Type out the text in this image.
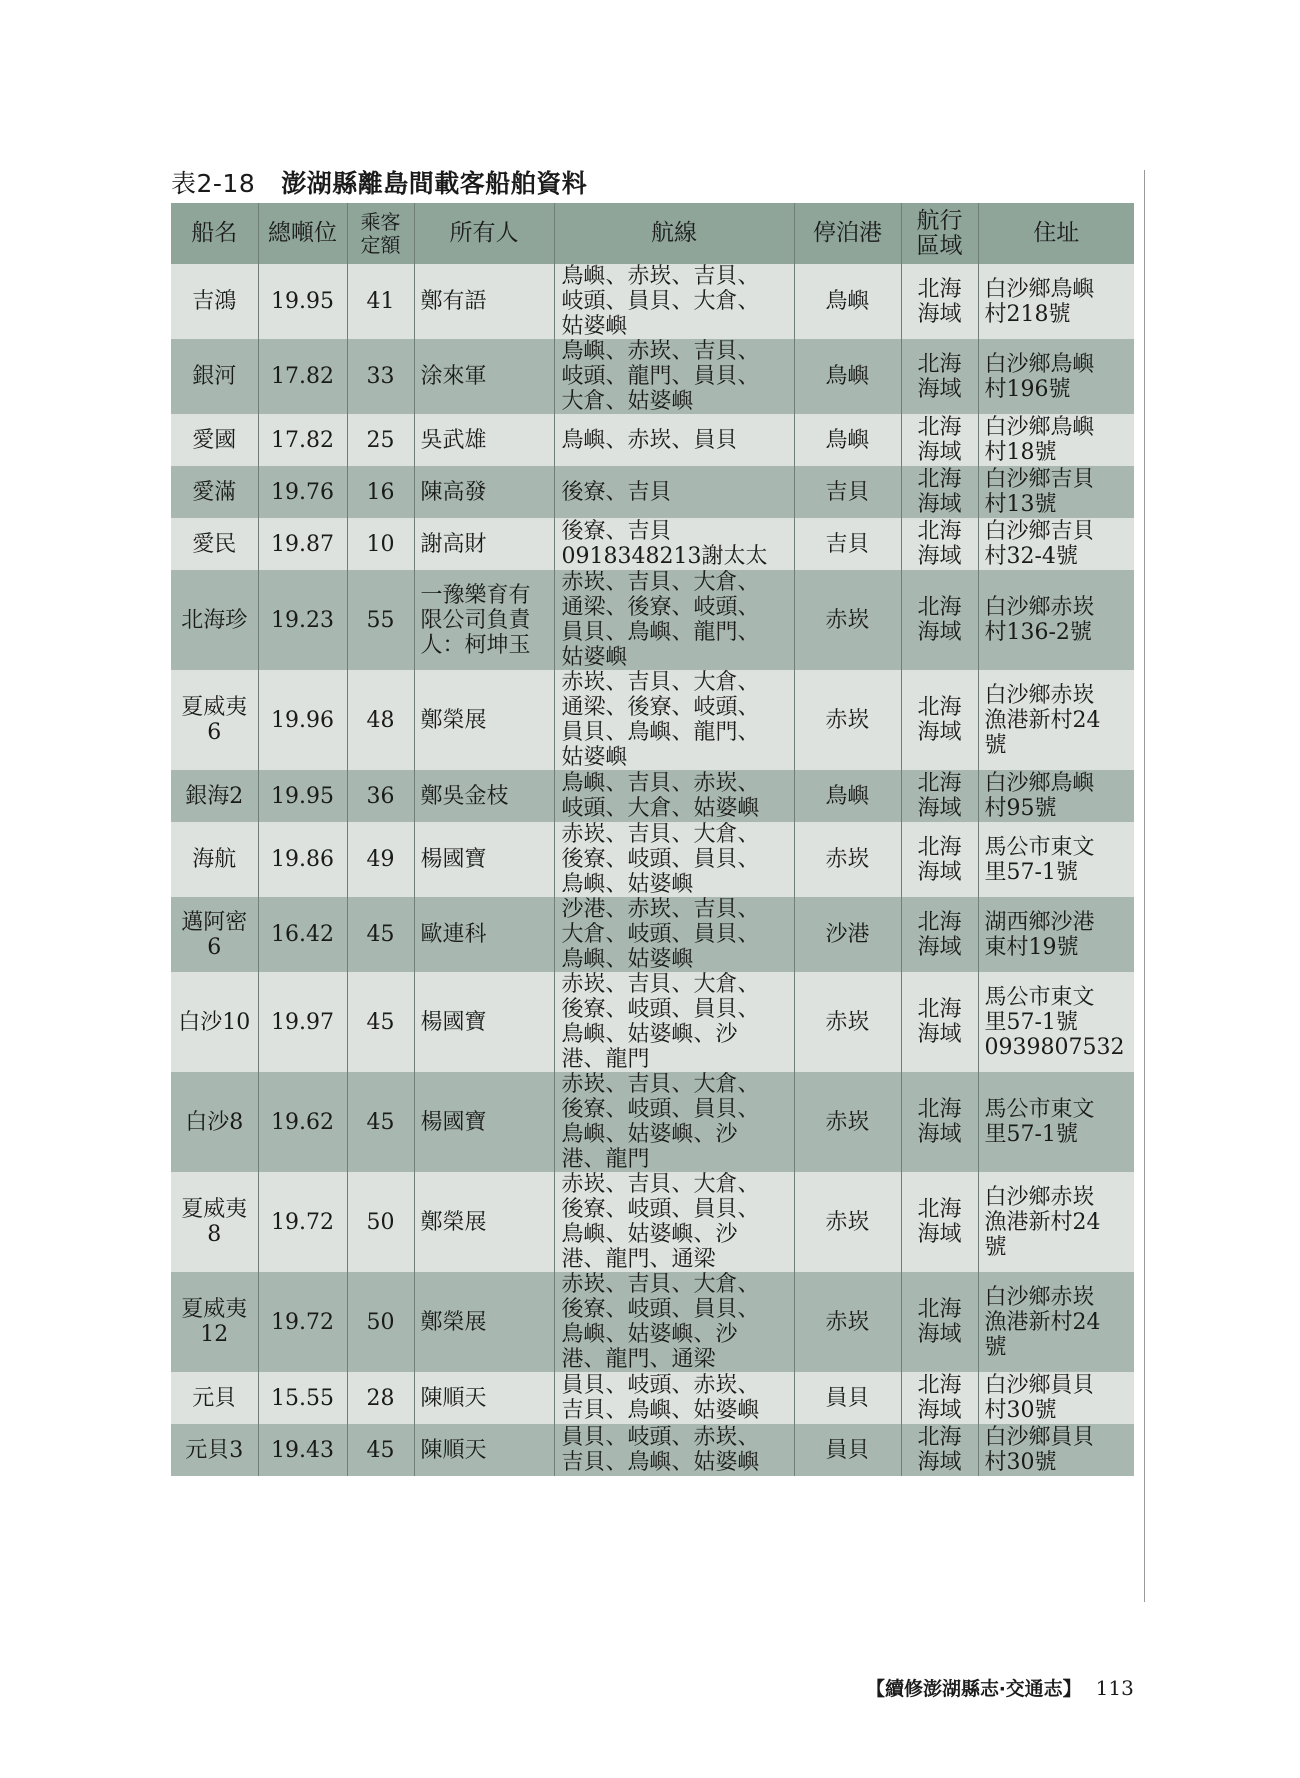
表2-18 澎湖縣離島間載客船舶資料
船名	總噸位	乘客
定額	所有人	航線	停泊港	航行
區域	住址

吉鴻	19.95	41	鄭有語	鳥嶼、赤崁、吉貝、
岐頭、員貝、大倉、
姑婆嶼	鳥嶼	北海
海域	白沙鄉鳥嶼
村218號

銀河	17.82	33	涂來軍	鳥嶼、赤崁、吉貝、
岐頭、龍門、員貝、
大倉、姑婆嶼	鳥嶼	北海
海域	白沙鄉鳥嶼
村196號

愛國	17.82	25	吳武雄	鳥嶼、赤崁、員貝	鳥嶼	北海
海域	白沙鄉鳥嶼
村18號

愛滿	19.76	16	陳高發	後寮、吉貝	吉貝	北海
海域	白沙鄉吉貝
村13號

愛民	19.87	10	謝高財	後寮、吉貝
0918348213謝太太	吉貝	北海
海域	白沙鄉吉貝
村32-4號

北海珍	19.23	55	一豫樂育有
限公司負責
人：柯坤玉	赤崁、吉貝、大倉、
通梁、後寮、岐頭、
員貝、鳥嶼、龍門、
姑婆嶼	赤崁	北海
海域	白沙鄉赤崁
村136-2號

夏威夷
6	19.96	48	鄭榮展	赤崁、吉貝、大倉、
通梁、後寮、岐頭、
員貝、鳥嶼、龍門、
姑婆嶼	赤崁	北海
海域	白沙鄉赤崁
漁港新村24
號

銀海2	19.95	36	鄭吳金枝	鳥嶼、吉貝、赤崁、
岐頭、大倉、姑婆嶼	鳥嶼	北海
海域	白沙鄉鳥嶼
村95號

海航	19.86	49	楊國寶	赤崁、吉貝、大倉、
後寮、岐頭、員貝、
鳥嶼、姑婆嶼	赤崁	北海
海域	馬公市東文
里57-1號

邁阿密
6	16.42	45	歐連科	沙港、赤崁、吉貝、
大倉、岐頭、員貝、
鳥嶼、姑婆嶼	沙港	北海
海域	湖西鄉沙港
東村19號

白沙10	19.97	45	楊國寶	赤崁、吉貝、大倉、
後寮、岐頭、員貝、
鳥嶼、姑婆嶼、沙
港、龍門	赤崁	北海
海域	馬公市東文
里57-1號
0939807532

白沙8	19.62	45	楊國寶	赤崁、吉貝、大倉、
後寮、岐頭、員貝、
鳥嶼、姑婆嶼、沙
港、龍門	赤崁	北海
海域	馬公市東文
里57-1號

夏威夷
8	19.72	50	鄭榮展	赤崁、吉貝、大倉、
後寮、岐頭、員貝、
鳥嶼、姑婆嶼、沙
港、龍門、通梁	赤崁	北海
海域	白沙鄉赤崁
漁港新村24
號

夏威夷
12	19.72	50	鄭榮展	赤崁、吉貝、大倉、
後寮、岐頭、員貝、
鳥嶼、姑婆嶼、沙
港、龍門、通梁	赤崁	北海
海域	白沙鄉赤崁
漁港新村24
號

元貝	15.55	28	陳順天	員貝、岐頭、赤崁、
吉貝、鳥嶼、姑婆嶼	員貝	北海
海域	白沙鄉員貝
村30號

元貝3	19.43	45	陳順天	員貝、岐頭、赤崁、
吉貝、鳥嶼、姑婆嶼	員貝	北海
海域	白沙鄉員貝
村30號
【續修澎湖縣志‧交通志】 113
